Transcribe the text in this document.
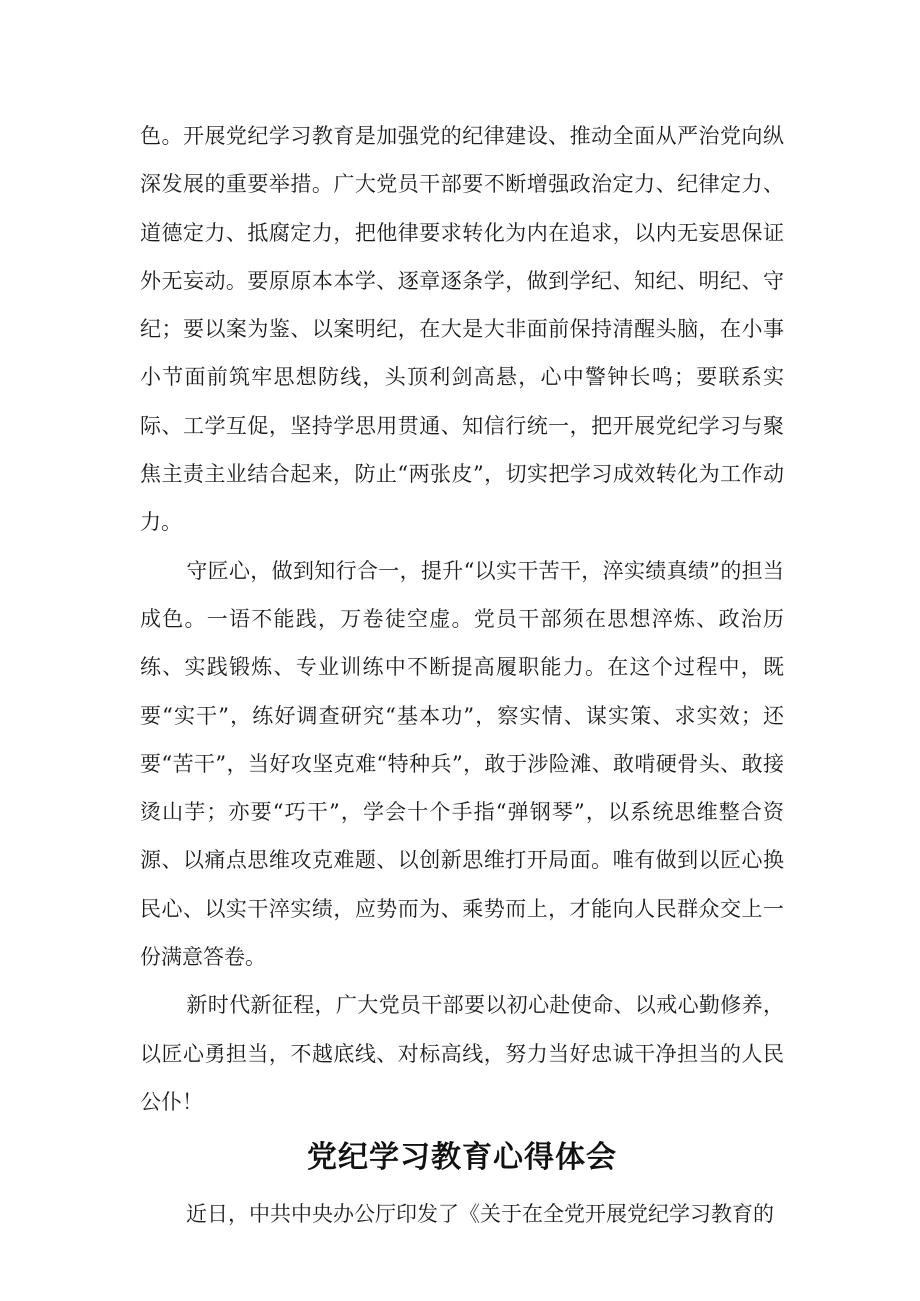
色。开展党纪学习教育是加强党的纪律建设、推动全面从严治党向纵深发展的重要举措。广大党员干部要不断增强政治定力、纪律定力、道德定力、抵腐定力，把他律要求转化为内在追求，以内无妄思保证外无妄动。要原原本本学、逐章逐条学，做到学纪、知纪、明纪、守纪；要以案为鉴、以案明纪，在大是大非面前保持清醒头脑，在小事小节面前筑牢思想防线，头顶利剑高悬，心中警钟长鸣；要联系实际、工学互促，坚持学思用贯通、知信行统一，把开展党纪学习与聚焦主责主业结合起来，防止“两张皮”，切实把学习成效转化为工作动力。

守匠心，做到知行合一，提升“以实干苦干，淬实绩真绩”的担当成色。一语不能践，万卷徒空虚。党员干部须在思想淬炼、政治历练、实践锻炼、专业训练中不断提高履职能力。在这个过程中，既要“实干”，练好调查研究“基本功”，察实情、谋实策、求实效；还要“苦干”，当好攻坚克难“特种兵”，敢于涉险滩、敢啃硬骨头、敢接烫山芋；亦要“巧干”，学会十个手指“弹钢琴”，以系统思维整合资源、以痛点思维攻克难题、以创新思维打开局面。唯有做到以匠心换民心、以实干淬实绩，应势而为、乘势而上，才能向人民群众交上一份满意答卷。

新时代新征程，广大党员干部要以初心赴使命、以戒心勤修养，以匠心勇担当，不越底线、对标高线，努力当好忠诚干净担当的人民公仆！

党纪学习教育心得体会

近日，中共中央办公厅印发了《关于在全党开展党纪学习教育的
